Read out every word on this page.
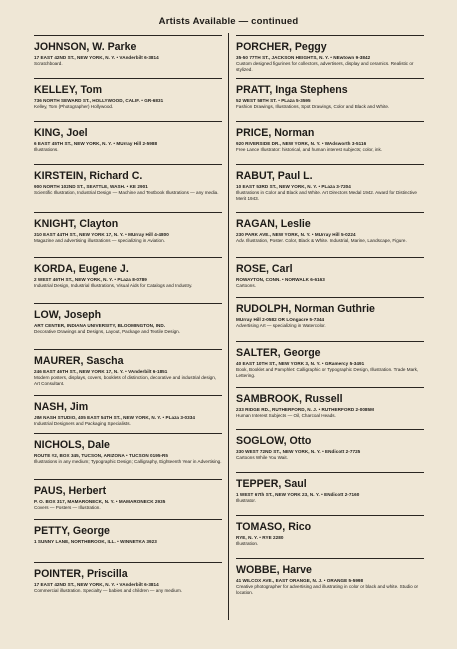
Artists Available — continued
JOHNSON, W. Parke
17 EAST 42ND ST., NEW YORK, N. Y. • VAnderbilt 6-3814
Scratchboard.
KELLEY, Tom
736 NORTH SEWARD ST., HOLLYWOOD, CALIF. • GR-6831
Kelley, Tom (Photographer) Hollywood.
KING, Joel
6 EAST 45TH ST., NEW YORK, N. Y. • MUrray Hill 2-5988
Illustrations.
KIRSTEIN, Richard C.
900 NORTH 102ND ST., SEATTLE, WASH. • KE 2901
Scientific Illustration, Industrial Design — Machine and Textbook Illustrations — any media.
KNIGHT, Clayton
310 EAST 44TH ST., NEW YORK 17, N. Y. • MUrray Hill 4-4800
Magazine and advertising illustrations — specializing in Aviation.
KORDA, Eugene J.
2 WEST 46TH ST., NEW YORK, N. Y. • PLaza 8-0789
Industrial Design, Industrial Illustrations, Visual Aids for Catalogs and Industry.
LOW, Joseph
ART CENTER, INDIANA UNIVERSITY, BLOOMINGTON, IND.
Decorative Drawings and Designs, Layout, Package and Textile Design.
MAURER, Sascha
246 EAST 46TH ST., NEW YORK 17, N. Y. • VAnderbilt 6-1851
Modern posters, displays, covers, booklets of distinction, decorative and industrial design, Art Consultant.
NASH, Jim
JIM NASH STUDIO, 405 EAST 54TH ST., NEW YORK, N. Y. • PLaza 3-0334
Industrial Designers and Packaging Specialists.
NICHOLS, Dale
ROUTE #2, BOX 345, TUCSON, ARIZONA • TUCSON 0195-R5
Illustrations in any medium; Typographic Design; Calligraphy, Eighteenth Year in Advertising.
PAUS, Herbert
P. O. BOX 317, MAMARONECK, N. Y. • MAMARONECK 2935
Covers — Posters — Illustration.
PETTY, George
1 SUNNY LANE, NORTHBROOK, ILL. • WINNETKA 3923
POINTER, Priscilla
17 EAST 42ND ST., NEW YORK, N. Y. • VAnderbilt 6-3814
Commercial illustration. Specialty — babies and children — any medium.
PORCHER, Peggy
35-50 77TH ST., JACKSON HEIGHTS, N. Y. • NEwtown 9-3842
Custom designed figurines for collectors, advertisers, display and ceramics. Realistic or stylized.
PRATT, Inga Stephens
52 WEST 58TH ST. • PLaza 5-3595
Fashion Drawings, Illustrations, Spot Drawings, Color and Black and White.
PRICE, Norman
920 RIVERSIDE DR., NEW YORK, N. Y. • WAdsworth 3-5116
Free Lance Illustrator: historical, and human interest subjects; color, ink.
RABUT, Paul L.
10 EAST 53RD ST., NEW YORK, N. Y. • PLaza 3-7204
Illustrations in Color and Black and White. Art Directors Medal 1942. Award for Distinctive Merit 1943.
RAGAN, Leslie
230 PARK AVE., NEW YORK, N. Y. • MUrray Hill 5-0224
Adv. Illustration, Poster. Color, Black & White. Industrial, Marine, Landscape, Figure.
ROSE, Carl
ROWAYTON, CONN. • NORWALK 6-6163
Cartoons.
RUDOLPH, Norman Guthrie
MUrray Hill 2-0582 OR LOngacre 5-7344
Advertising Art — specializing in Watercolor.
SALTER, George
40 EAST 10TH ST., NEW YORK 3, N. Y. • GRamercy 5-3491
Book, Booklet and Pamphlet: Calligraphic or Typographic Design, Illustration. Trade Mark, Lettering.
SAMBROOK, Russell
233 RIDGE RD., RUTHERFORD, N. J. • RUTHERFORD 2-0085M
Human Interest Subjects — Oil, Charcoal Heads.
SOGLOW, Otto
330 WEST 72ND ST., NEW YORK, N. Y. • ENdicott 2-7725
Cartoons While You Wait.
TEPPER, Saul
1 WEST 67th ST., NEW YORK 23, N. Y. • ENdicott 2-7160
Illustrator.
TOMASO, Rico
RYE, N. Y. • RYE 2280
Illustration.
WOBBE, Harve
41 WILCOX AVE., EAST ORANGE, N. J. • ORANGE 5-5998
Creative photographer for advertising and illustrating in color or black and white. Studio or location.
